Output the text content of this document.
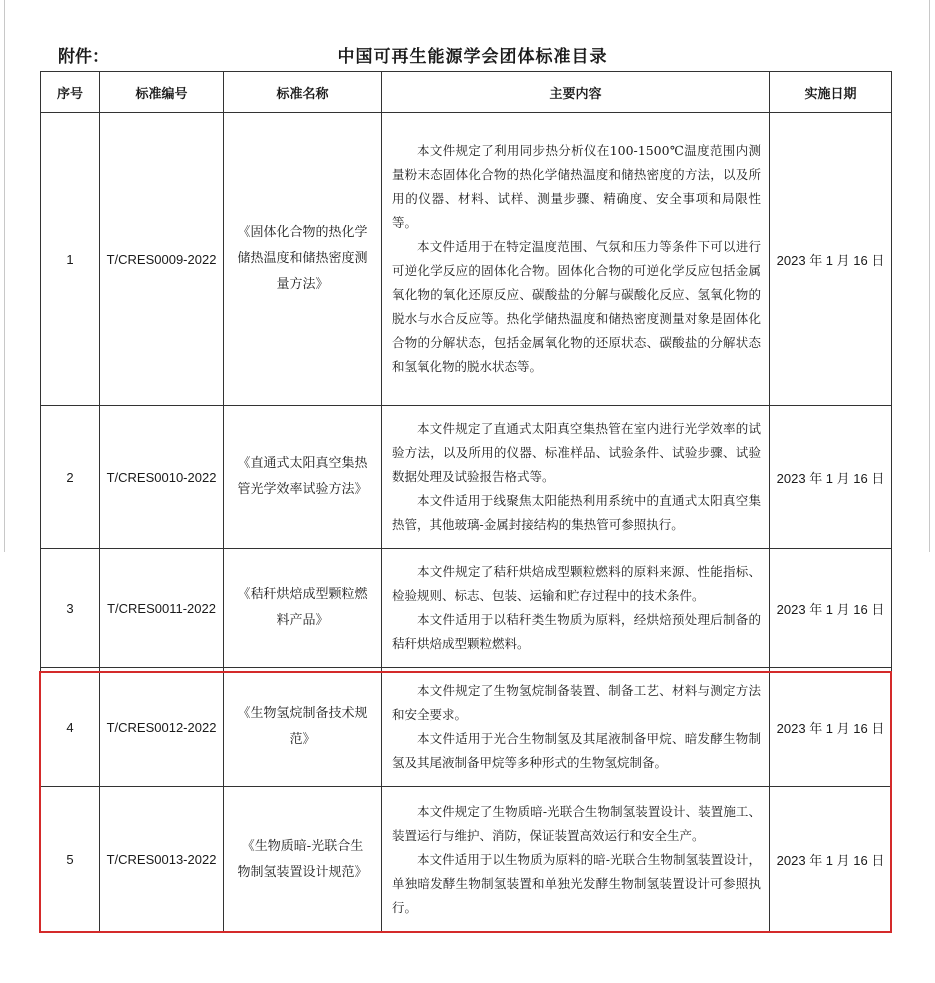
附件：	中国可再生能源学会团体标准目录
序号	标准编号	标准名称	主要内容	实施日期
1	T/CRES0009-2022	《固体化合物的热化学储热温度和储热密度测量方法》	本文件规定了利用同步热分析仪在100-1500℃温度范围内测量粉末态固体化合物的热化学储热温度和储热密度的方法，以及所用的仪器、材料、试样、测量步骤、精确度、安全事项和局限性等。

本文件适用于在特定温度范围、气氛和压力等条件下可以进行可逆化学反应的固体化合物。固体化合物的可逆化学反应包括金属氧化物的氧化还原反应、碳酸盐的分解与碳酸化反应、氢氧化物的脱水与水合反应等。热化学储热温度和储热密度测量对象是固体化合物的分解状态，包括金属氧化物的还原状态、碳酸盐的分解状态和氢氧化物的脱水状态等。	2023 年 1 月 16 日
2	T/CRES0010-2022	《直通式太阳真空集热管光学效率试验方法》	本文件规定了直通式太阳真空集热管在室内进行光学效率的试验方法，以及所用的仪器、标准样品、试验条件、试验步骤、试验数据处理及试验报告格式等。

本文件适用于线聚焦太阳能热利用系统中的直通式太阳真空集热管，其他玻璃-金属封接结构的集热管可参照执行。	2023 年 1 月 16 日
3	T/CRES0011-2022	《秸秆烘焙成型颗粒燃料产品》	本文件规定了秸秆烘焙成型颗粒燃料的原料来源、性能指标、检验规则、标志、包装、运输和贮存过程中的技术条件。

本文件适用于以秸秆类生物质为原料，经烘焙预处理后制备的秸秆烘焙成型颗粒燃料。	2023 年 1 月 16 日
4	T/CRES0012-2022	《生物氢烷制备技术规范》	本文件规定了生物氢烷制备装置、制备工艺、材料与测定方法和安全要求。

本文件适用于光合生物制氢及其尾液制备甲烷、暗发酵生物制氢及其尾液制备甲烷等多种形式的生物氢烷制备。	2023 年 1 月 16 日
5	T/CRES0013-2022	《生物质暗-光联合生物制氢装置设计规范》	本文件规定了生物质暗-光联合生物制氢装置设计、装置施工、装置运行与维护、消防，保证装置高效运行和安全生产。

本文件适用于以生物质为原料的暗-光联合生物制氢装置设计，单独暗发酵生物制氢装置和单独光发酵生物制氢装置设计可参照执行。	2023 年 1 月 16 日
